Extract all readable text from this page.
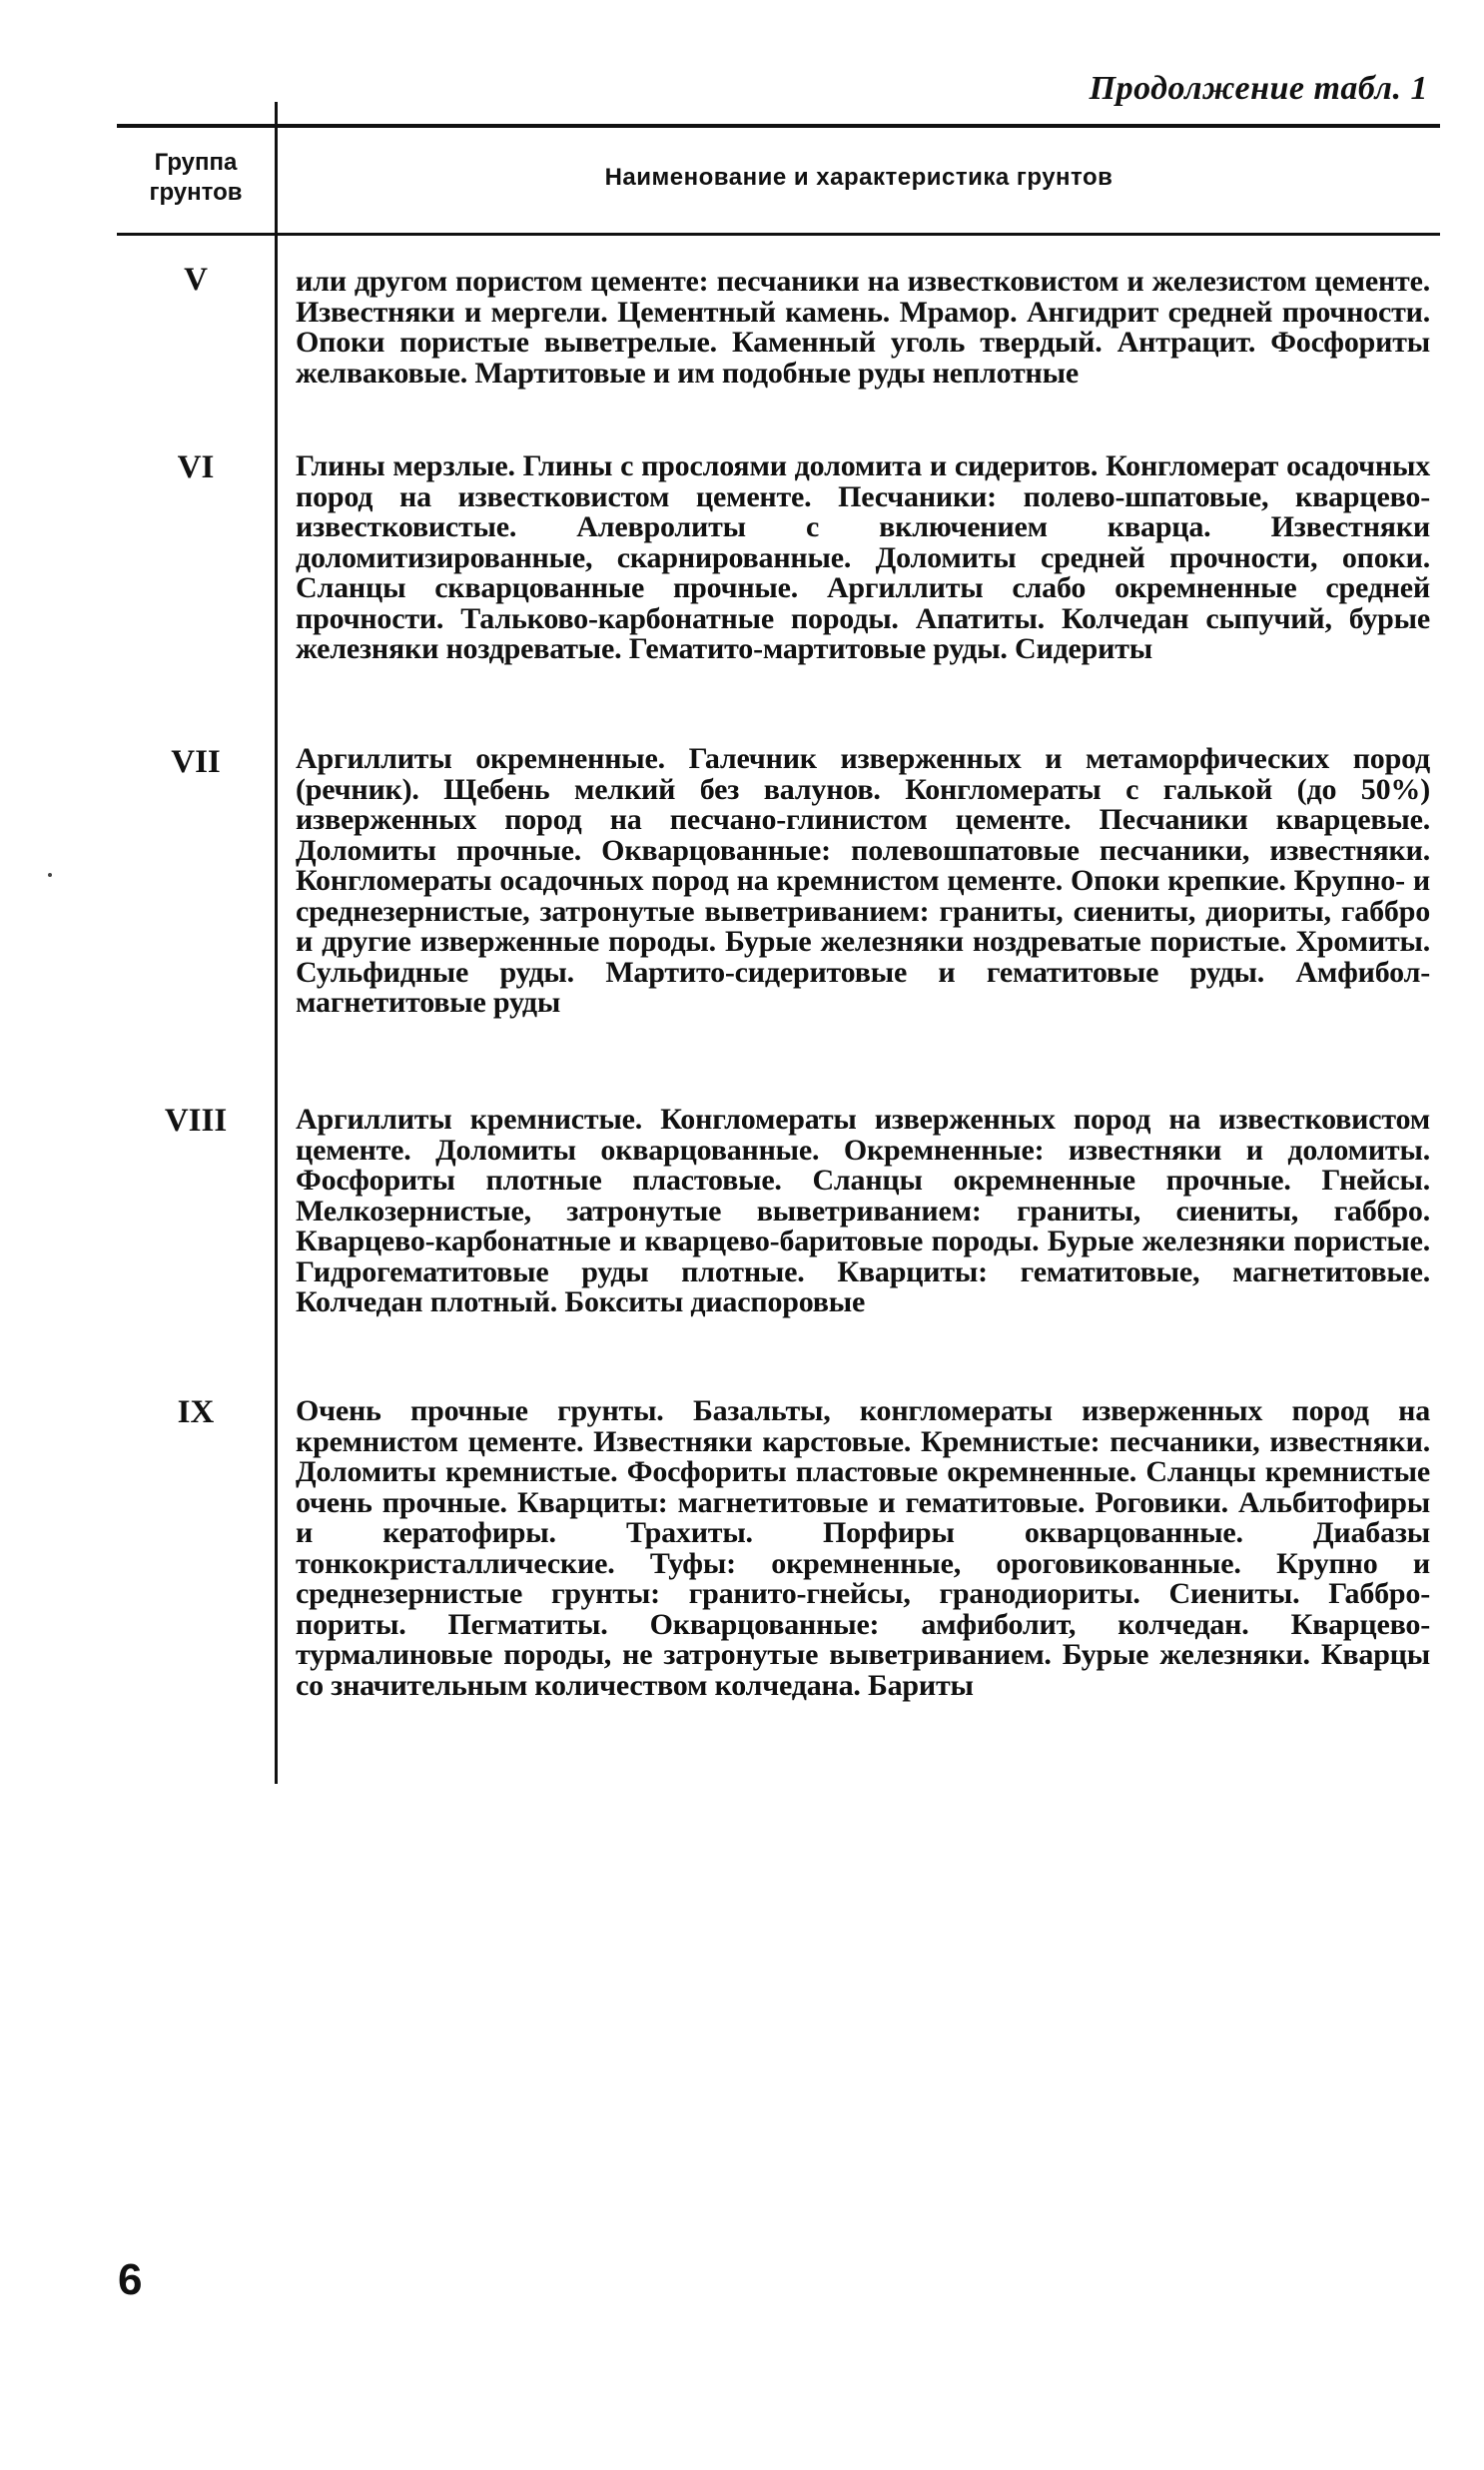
Продолжение табл. 1
Группа грунтов
Наименование и характеристика грунтов
V	или другом пористом цементе: песчаники на известковистом и железистом цементе. Известняки и мергели. Цементный камень. Мрамор. Ангидрит средней прочности. Опоки пористые выветрелые. Каменный уголь твердый. Антрацит. Фосфориты желваковые. Мартитовые и им подобные руды неплотные
VI	Глины мерзлые. Глины с прослоями доломита и сидеритов. Конгломерат осадочных пород на известковистом цементе. Песчаники: полево-шпатовые, кварцево-известковистые. Алевролиты с включением кварца. Известняки доломитизированные, скарнированные. Доломиты средней прочности, опоки. Сланцы скварцованные прочные. Аргиллиты слабо окремненные средней прочности. Тальково-карбонатные породы. Апатиты. Колчедан сыпучий, бурые железняки ноздреватые. Гематито-мартитовые руды. Сидериты
VII	Аргиллиты окремненные. Галечник изверженных и метаморфических пород (речник). Щебень мелкий без валунов. Конгломераты с галькой (до 50%) изверженных пород на песчано-глинистом цементе. Песчаники кварцевые. Доломиты прочные. Окварцованные: полевошпатовые песчаники, известняки. Конгломераты осадочных пород на кремнистом цементе. Опоки крепкие. Крупно- и среднезернистые, затронутые выветриванием: граниты, сиениты, диориты, габбро и другие изверженные породы. Бурые железняки ноздреватые пористые. Хромиты. Сульфидные руды. Мартито-сидеритовые и гематитовые руды. Амфибол-магнетитовые руды
VIII	Аргиллиты кремнистые. Конгломераты изверженных пород на известковистом цементе. Доломиты окварцованные. Окремненные: известняки и доломиты. Фосфориты плотные пластовые. Сланцы окремненные прочные. Гнейсы. Мелкозернистые, затронутые выветриванием: граниты, сиениты, габбро. Кварцево-карбонатные и кварцево-баритовые породы. Бурые железняки пористые. Гидрогематитовые руды плотные. Кварциты: гематитовые, магнетитовые. Колчедан плотный. Бокситы диаспоровые
IX	Очень прочные грунты. Базальты, конгломераты изверженных пород на кремнистом цементе. Известняки карстовые. Кремнистые: песчаники, известняки. Доломиты кремнистые. Фосфориты пластовые окремненные. Сланцы кремнистые очень прочные. Кварциты: магнетитовые и гематитовые. Роговики. Альбитофиры и кератофиры. Трахиты. Порфиры окварцованные. Диабазы тонкокристаллические. Туфы: окремненные, ороговикованные. Крупно и среднезернистые грунты: гранито-гнейсы, гранодиориты. Сиениты. Габбро-пориты. Пегматиты. Окварцованные: амфиболит, колчедан. Кварцево-турмалиновые породы, не затронутые выветриванием. Бурые железняки. Кварцы со значительным количеством колчедана. Бариты
6
